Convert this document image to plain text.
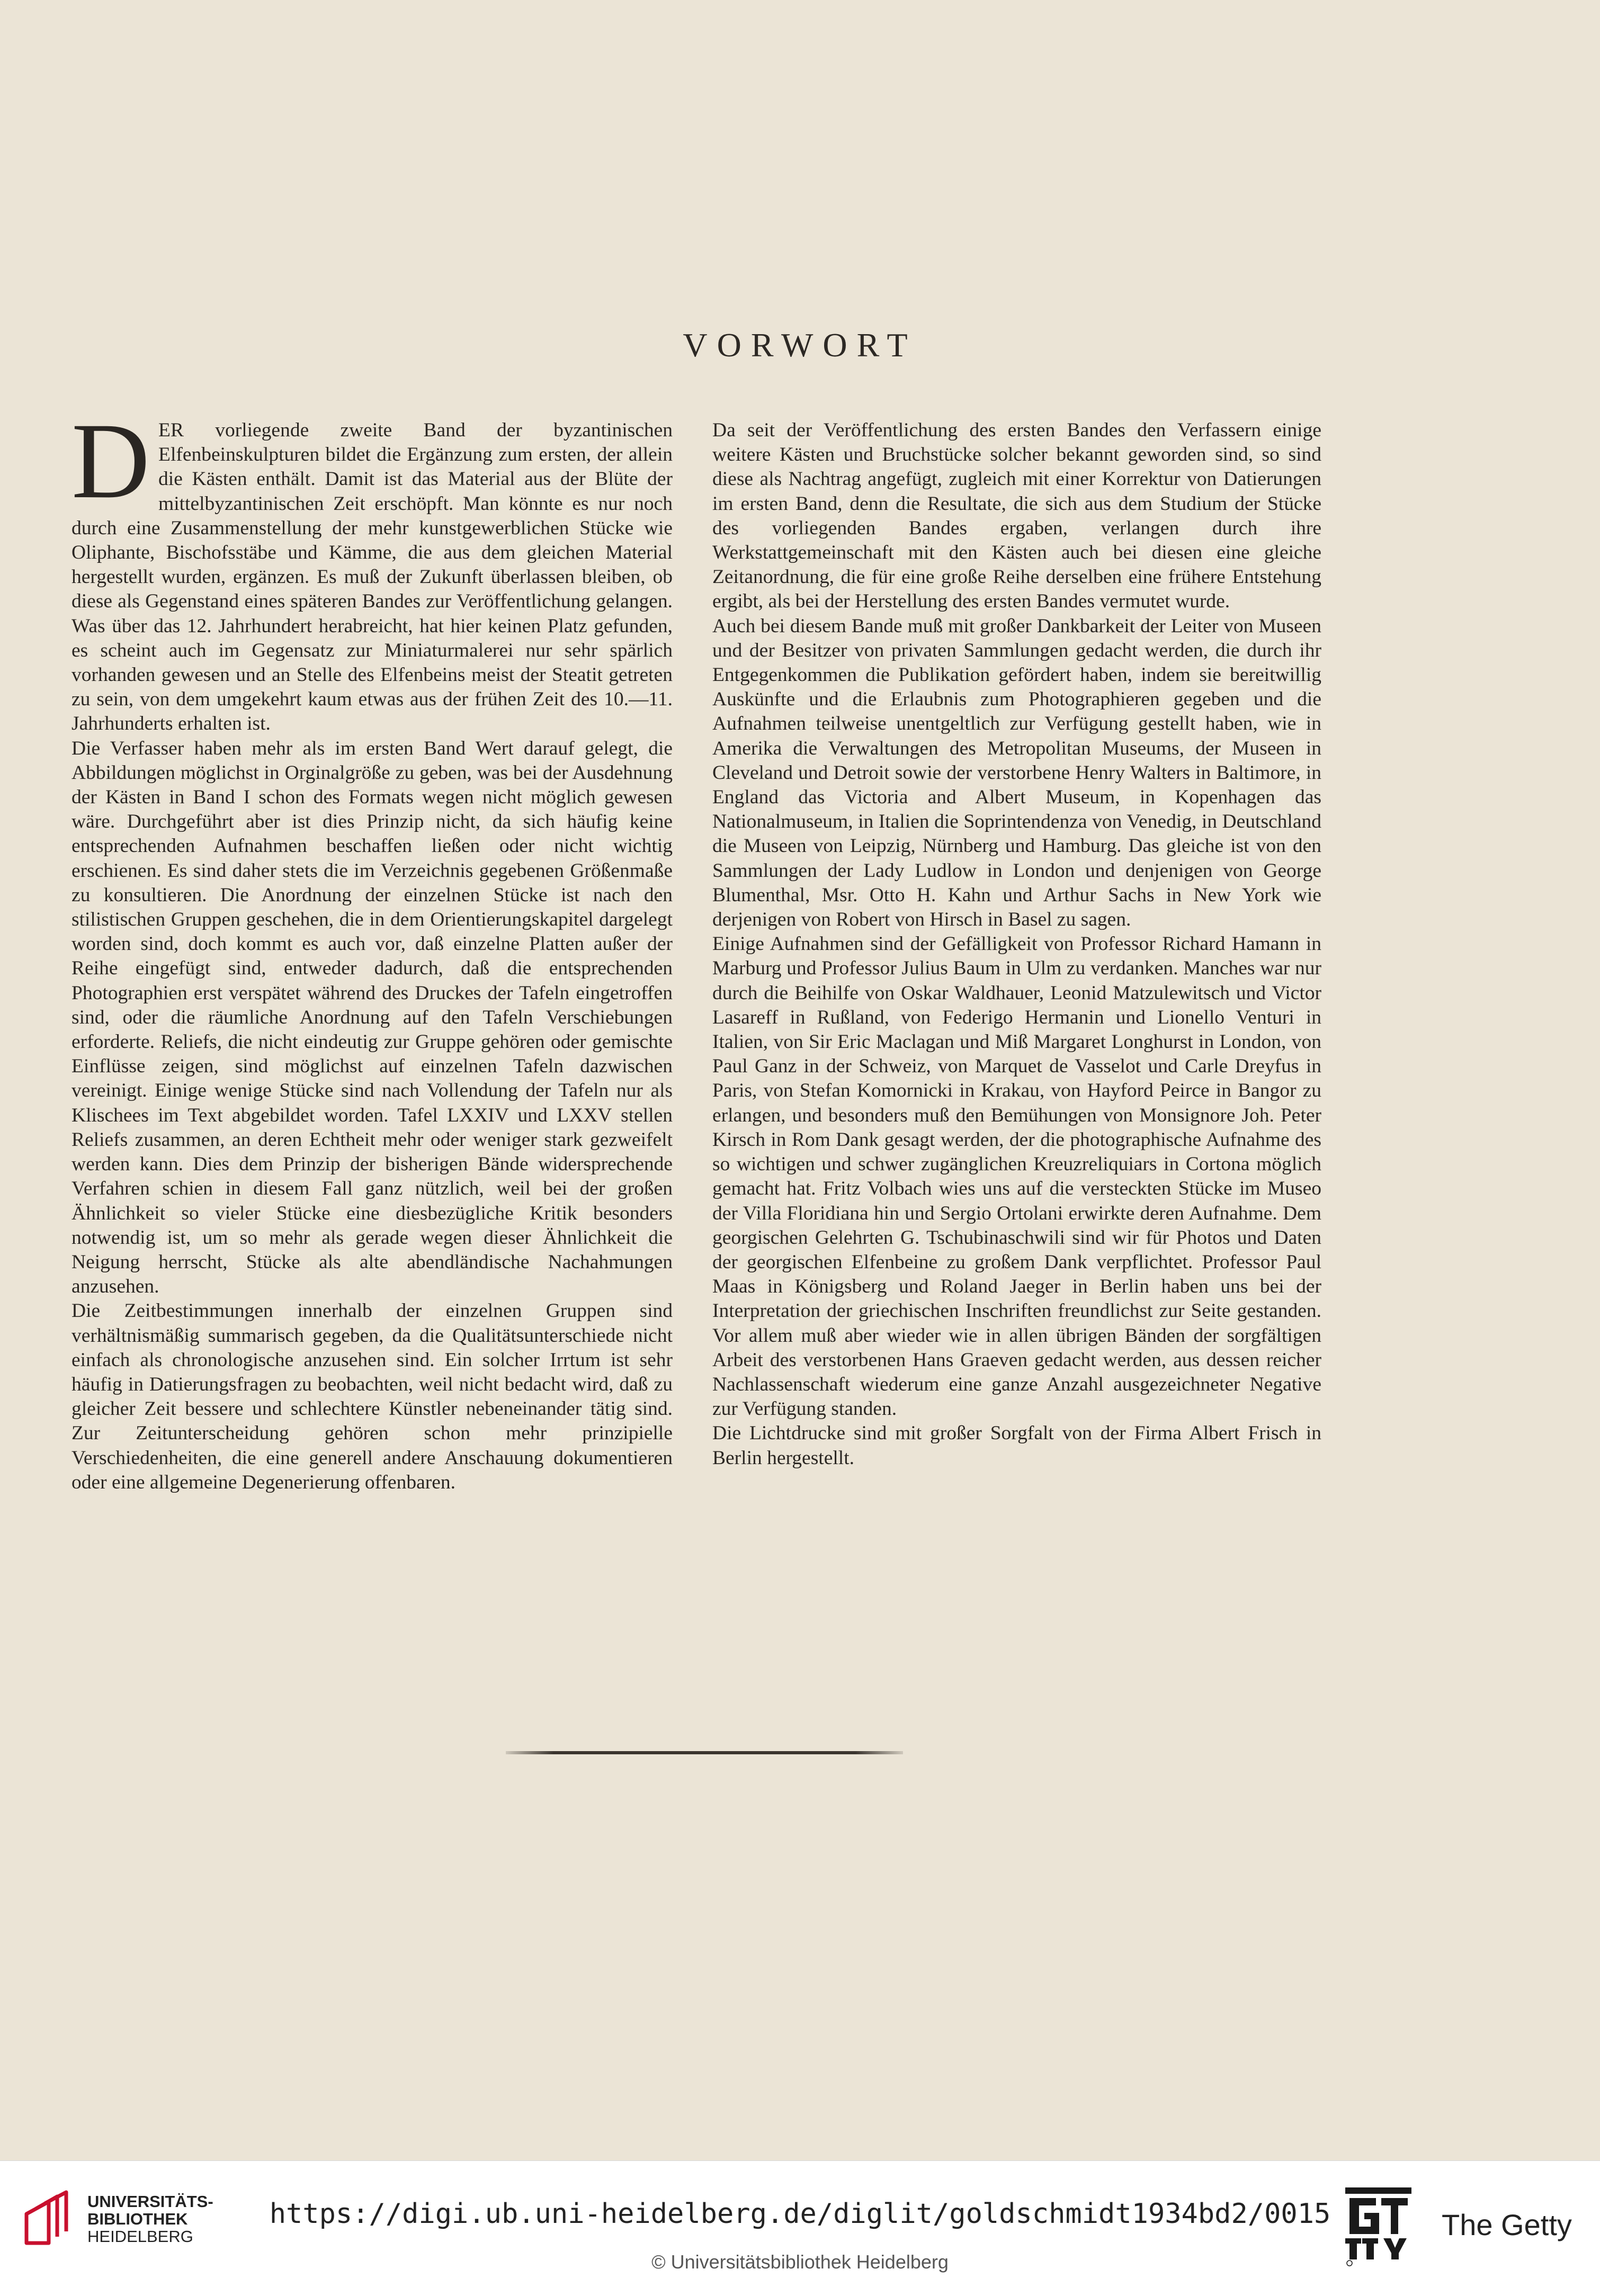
VORWORT

DER vorliegende zweite Band der byzantinischen Elfenbeinskulpturen bildet die Ergänzung zum ersten, der allein die Kästen enthält. Damit ist das Material aus der Blüte der mittelbyzantinischen Zeit erschöpft. Man könnte es nur noch durch eine Zusammenstellung der mehr kunstgewerblichen Stücke wie Oliphante, Bischofsstäbe und Kämme, die aus dem gleichen Material hergestellt wurden, ergänzen. Es muß der Zukunft überlassen bleiben, ob diese als Gegenstand eines späteren Bandes zur Veröffentlichung gelangen. Was über das 12. Jahrhundert herabreicht, hat hier keinen Platz gefunden, es scheint auch im Gegensatz zur Miniaturmalerei nur sehr spärlich vorhanden gewesen und an Stelle des Elfenbeins meist der Steatit getreten zu sein, von dem umgekehrt kaum etwas aus der frühen Zeit des 10.—11. Jahrhunderts erhalten ist.

Die Verfasser haben mehr als im ersten Band Wert darauf gelegt, die Abbildungen möglichst in Orginalgröße zu geben, was bei der Ausdehnung der Kästen in Band I schon des Formats wegen nicht möglich gewesen wäre. Durchgeführt aber ist dies Prinzip nicht, da sich häufig keine entsprechenden Aufnahmen beschaffen ließen oder nicht wichtig erschienen. Es sind daher stets die im Verzeichnis gegebenen Größenmaße zu konsultieren. Die Anordnung der einzelnen Stücke ist nach den stilistischen Gruppen geschehen, die in dem Orientierungskapitel dargelegt worden sind, doch kommt es auch vor, daß einzelne Platten außer der Reihe eingefügt sind, entweder dadurch, daß die entsprechenden Photographien erst verspätet während des Druckes der Tafeln eingetroffen sind, oder die räumliche Anordnung auf den Tafeln Verschiebungen erforderte. Reliefs, die nicht eindeutig zur Gruppe gehören oder gemischte Einflüsse zeigen, sind möglichst auf einzelnen Tafeln dazwischen vereinigt. Einige wenige Stücke sind nach Vollendung der Tafeln nur als Klischees im Text abgebildet worden. Tafel LXXIV und LXXV stellen Reliefs zusammen, an deren Echtheit mehr oder weniger stark gezweifelt werden kann. Dies dem Prinzip der bisherigen Bände widersprechende Verfahren schien in diesem Fall ganz nützlich, weil bei der großen Ähnlichkeit so vieler Stücke eine diesbezügliche Kritik besonders notwendig ist, um so mehr als gerade wegen dieser Ähnlichkeit die Neigung herrscht, Stücke als alte abendländische Nachahmungen anzusehen.

Die Zeitbestimmungen innerhalb der einzelnen Gruppen sind verhältnismäßig summarisch gegeben, da die Qualitätsunterschiede nicht einfach als chronologische anzusehen sind. Ein solcher Irrtum ist sehr häufig in Datierungsfragen zu beobachten, weil nicht bedacht wird, daß zu gleicher Zeit bessere und schlechtere Künstler nebeneinander tätig sind. Zur Zeitunterscheidung gehören schon mehr prinzipielle Verschiedenheiten, die eine generell andere Anschauung dokumentieren oder eine allgemeine Degenerierung offenbaren.

Da seit der Veröffentlichung des ersten Bandes den Verfassern einige weitere Kästen und Bruchstücke solcher bekannt geworden sind, so sind diese als Nachtrag angefügt, zugleich mit einer Korrektur von Datierungen im ersten Band, denn die Resultate, die sich aus dem Studium der Stücke des vorliegenden Bandes ergaben, verlangen durch ihre Werkstattgemeinschaft mit den Kästen auch bei diesen eine gleiche Zeitanordnung, die für eine große Reihe derselben eine frühere Entstehung ergibt, als bei der Herstellung des ersten Bandes vermutet wurde.

Auch bei diesem Bande muß mit großer Dankbarkeit der Leiter von Museen und der Besitzer von privaten Sammlungen gedacht werden, die durch ihr Entgegenkommen die Publikation gefördert haben, indem sie bereitwillig Auskünfte und die Erlaubnis zum Photographieren gegeben und die Aufnahmen teilweise unentgeltlich zur Verfügung gestellt haben, wie in Amerika die Verwaltungen des Metropolitan Museums, der Museen in Cleveland und Detroit sowie der verstorbene Henry Walters in Baltimore, in England das Victoria and Albert Museum, in Kopenhagen das Nationalmuseum, in Italien die Soprintendenza von Venedig, in Deutschland die Museen von Leipzig, Nürnberg und Hamburg. Das gleiche ist von den Sammlungen der Lady Ludlow in London und denjenigen von George Blumenthal, Msr. Otto H. Kahn und Arthur Sachs in New York wie derjenigen von Robert von Hirsch in Basel zu sagen.

Einige Aufnahmen sind der Gefälligkeit von Professor Richard Hamann in Marburg und Professor Julius Baum in Ulm zu verdanken. Manches war nur durch die Beihilfe von Oskar Waldhauer, Leonid Matzulewitsch und Victor Lasareff in Rußland, von Federigo Hermanin und Lionello Venturi in Italien, von Sir Eric Maclagan und Miß Margaret Longhurst in London, von Paul Ganz in der Schweiz, von Marquet de Vasselot und Carle Dreyfus in Paris, von Stefan Komornicki in Krakau, von Hayford Peirce in Bangor zu erlangen, und besonders muß den Bemühungen von Monsignore Joh. Peter Kirsch in Rom Dank gesagt werden, der die photographische Aufnahme des so wichtigen und schwer zugänglichen Kreuzreliquiars in Cortona möglich gemacht hat. Fritz Volbach wies uns auf die versteckten Stücke im Museo der Villa Floridiana hin und Sergio Ortolani erwirkte deren Aufnahme. Dem georgischen Gelehrten G. Tschubinaschwili sind wir für Photos und Daten der georgischen Elfenbeine zu großem Dank verpflichtet. Professor Paul Maas in Königsberg und Roland Jaeger in Berlin haben uns bei der Interpretation der griechischen Inschriften freundlichst zur Seite gestanden. Vor allem muß aber wieder wie in allen übrigen Bänden der sorgfältigen Arbeit des verstorbenen Hans Graeven gedacht werden, aus dessen reicher Nachlassenschaft wiederum eine ganze Anzahl ausgezeichneter Negative zur Verfügung standen.

Die Lichtdrucke sind mit großer Sorgfalt von der Firma Albert Frisch in Berlin hergestellt.

UNIVERSITÄTS-
BIBLIOTHEK
HEIDELBERG
https://digi.ub.uni-heidelberg.de/diglit/goldschmidt1934bd2/0015
© Universitätsbibliothek Heidelberg
The Getty
